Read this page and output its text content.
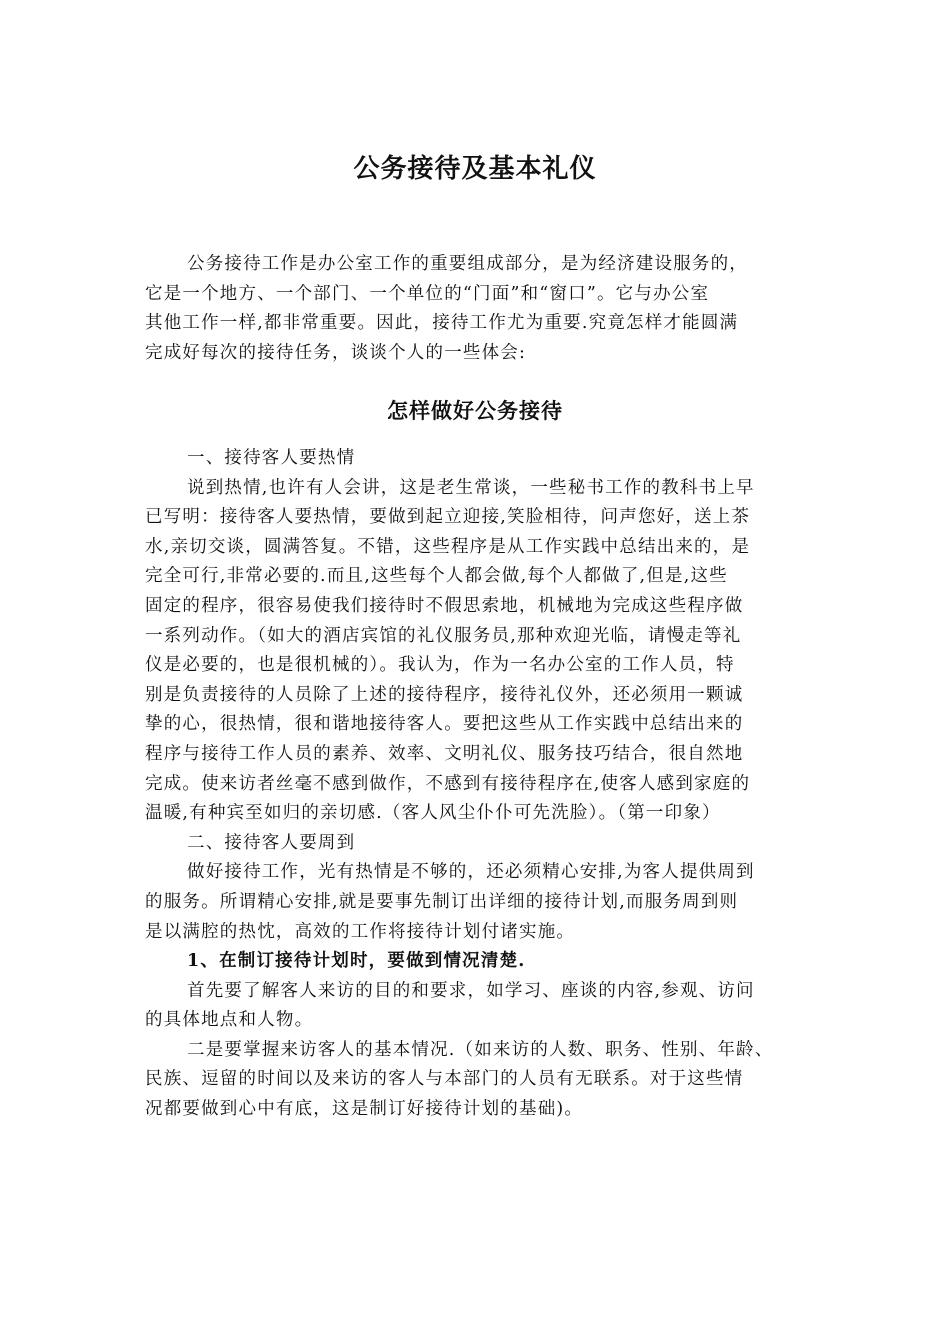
公务接待及基本礼仪
公务接待工作是办公室工作的重要组成部分，是为经济建设服务的，
它是一个地方、一个部门、一个单位的“门面”和“窗口”。它与办公室
其他工作一样,都非常重要。因此，接待工作尤为重要.究竟怎样才能圆满
完成好每次的接待任务，谈谈个人的一些体会:
怎样做好公务接待
一、接待客人要热情
说到热情,也许有人会讲，这是老生常谈，一些秘书工作的教科书上早
已写明：接待客人要热情，要做到起立迎接,笑脸相待，问声您好，送上茶
水,亲切交谈，圆满答复。不错，这些程序是从工作实践中总结出来的，是
完全可行,非常必要的.而且,这些每个人都会做,每个人都做了,但是,这些
固定的程序，很容易使我们接待时不假思索地，机械地为完成这些程序做
一系列动作。（如大的酒店宾馆的礼仪服务员,那种欢迎光临，请慢走等礼
仪是必要的，也是很机械的）。我认为，作为一名办公室的工作人员，特
别是负责接待的人员除了上述的接待程序，接待礼仪外，还必须用一颗诚
挚的心，很热情，很和谐地接待客人。要把这些从工作实践中总结出来的
程序与接待工作人员的素养、效率、文明礼仪、服务技巧结合，很自然地
完成。使来访者丝毫不感到做作，不感到有接待程序在,使客人感到家庭的
温暖,有种宾至如归的亲切感.（客人风尘仆仆可先洗脸）。（第一印象）
二、接待客人要周到
做好接待工作，光有热情是不够的，还必须精心安排,为客人提供周到
的服务。所谓精心安排,就是要事先制订出详细的接待计划,而服务周到则
是以满腔的热忱，高效的工作将接待计划付诸实施。
1、在制订接待计划时，要做到情况清楚.
首先要了解客人来访的目的和要求，如学习、座谈的内容,参观、访问
的具体地点和人物。
二是要掌握来访客人的基本情况.（如来访的人数、职务、性别、年龄、
民族、逗留的时间以及来访的客人与本部门的人员有无联系。对于这些情
况都要做到心中有底，这是制订好接待计划的基础)。
